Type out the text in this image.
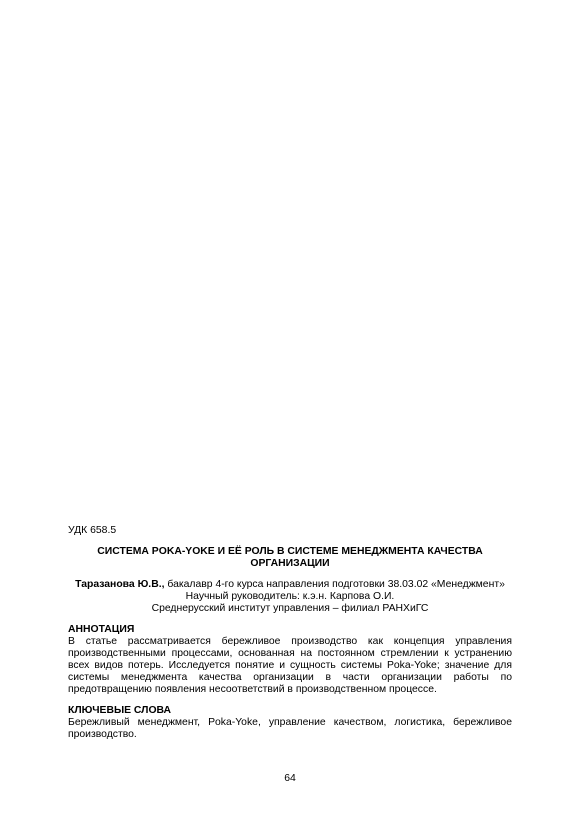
УДК 658.5
СИСТЕМА POKA-YOKE И ЕЁ РОЛЬ В СИСТЕМЕ МЕНЕДЖМЕНТА КАЧЕСТВА
ОРГАНИЗАЦИИ
Таразанова Ю.В., бакалавр 4-го курса направления подготовки 38.03.02 «Менеджмент»
Научный руководитель: к.э.н. Карпова О.И.
Среднерусский институт управления – филиал РАНХиГС
АННОТАЦИЯ
В статье рассматривается бережливое производство как концепция управления производственными процессами, основанная на постоянном стремлении к устранению всех видов потерь. Исследуется понятие и сущность системы Poka-Yoke; значение для системы менеджмента качества организации в части организации работы по предотвращению появления несоответствий в производственном процессе.
КЛЮЧЕВЫЕ СЛОВА
Бережливый менеджмент, Poka-Yoke, управление качеством, логистика, бережливое производство.
64
